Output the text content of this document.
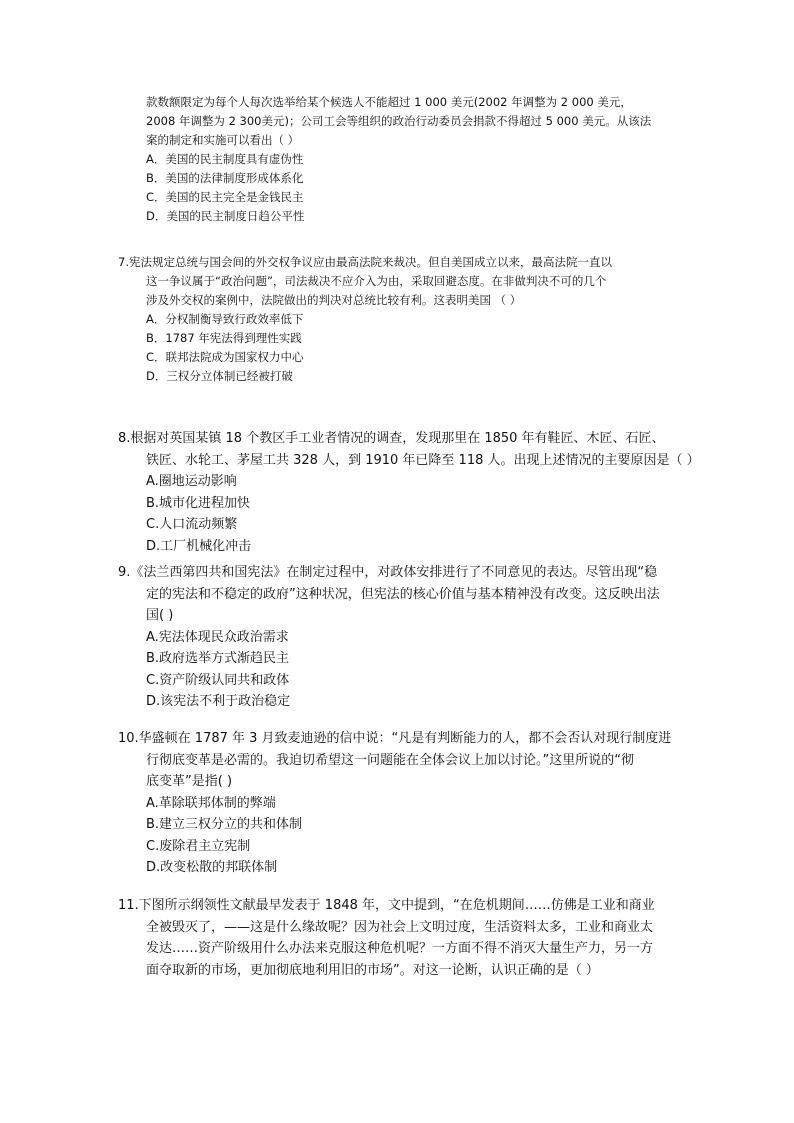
款数额限定为每个人每次选举给某个候选人不能超过 1 000 美元(2002 年调整为 2 000 美元，
2008 年调整为 2 300美元)；公司工会等组织的政治行动委员会捐款不得超过 5 000 美元。从该法
案的制定和实施可以看出（ ）
A．美国的民主制度具有虚伪性
B．美国的法律制度形成体系化
C．美国的民主完全是金钱民主
D．美国的民主制度日趋公平性
7.宪法规定总统与国会间的外交权争议应由最高法院来裁决。但自美国成立以来，最高法院一直以
这一争议属于“政治问题”，司法裁决不应介入为由，采取回避态度。在非做判决不可的几个
涉及外交权的案例中，法院做出的判决对总统比较有利。这表明美国 （ ）
A．分权制衡导致行政效率低下
B．1787 年宪法得到理性实践
C．联邦法院成为国家权力中心
D．三权分立体制已经被打破
8.根据对英国某镇 18 个教区手工业者情况的调查，发现那里在 1850 年有鞋匠、木匠、石匠、
铁匠、水轮工、茅屋工共 328 人，到 1910 年已降至 118 人。出现上述情况的主要原因是（ ）
A.圈地运动影响
B.城市化进程加快
C.人口流动频繁
D.工厂机械化冲击
9.《法兰西第四共和国宪法》在制定过程中，对政体安排进行了不同意见的表达。尽管出现“稳
定的宪法和不稳定的政府”这种状况，但宪法的核心价值与基本精神没有改变。这反映出法
国( )
A.宪法体现民众政治需求
B.政府选举方式渐趋民主
C.资产阶级认同共和政体
D.该宪法不利于政治稳定
10.华盛顿在 1787 年 3 月致麦迪逊的信中说：“凡是有判断能力的人，都不会否认对现行制度进
行彻底变革是必需的。我迫切希望这一问题能在全体会议上加以讨论。”这里所说的“彻
底变革”是指( )
A.革除联邦体制的弊端
B.建立三权分立的共和体制
C.废除君主立宪制
D.改变松散的邦联体制
11.下图所示纲领性文献最早发表于 1848 年，文中提到，“在危机期间……仿佛是工业和商业
全被毁灭了，——这是什么缘故呢？因为社会上文明过度，生活资料太多，工业和商业太
发达……资产阶级用什么办法来克服这种危机呢？一方面不得不消灭大量生产力，另一方
面夺取新的市场，更加彻底地利用旧的市场”。对这一论断，认识正确的是（ ）
